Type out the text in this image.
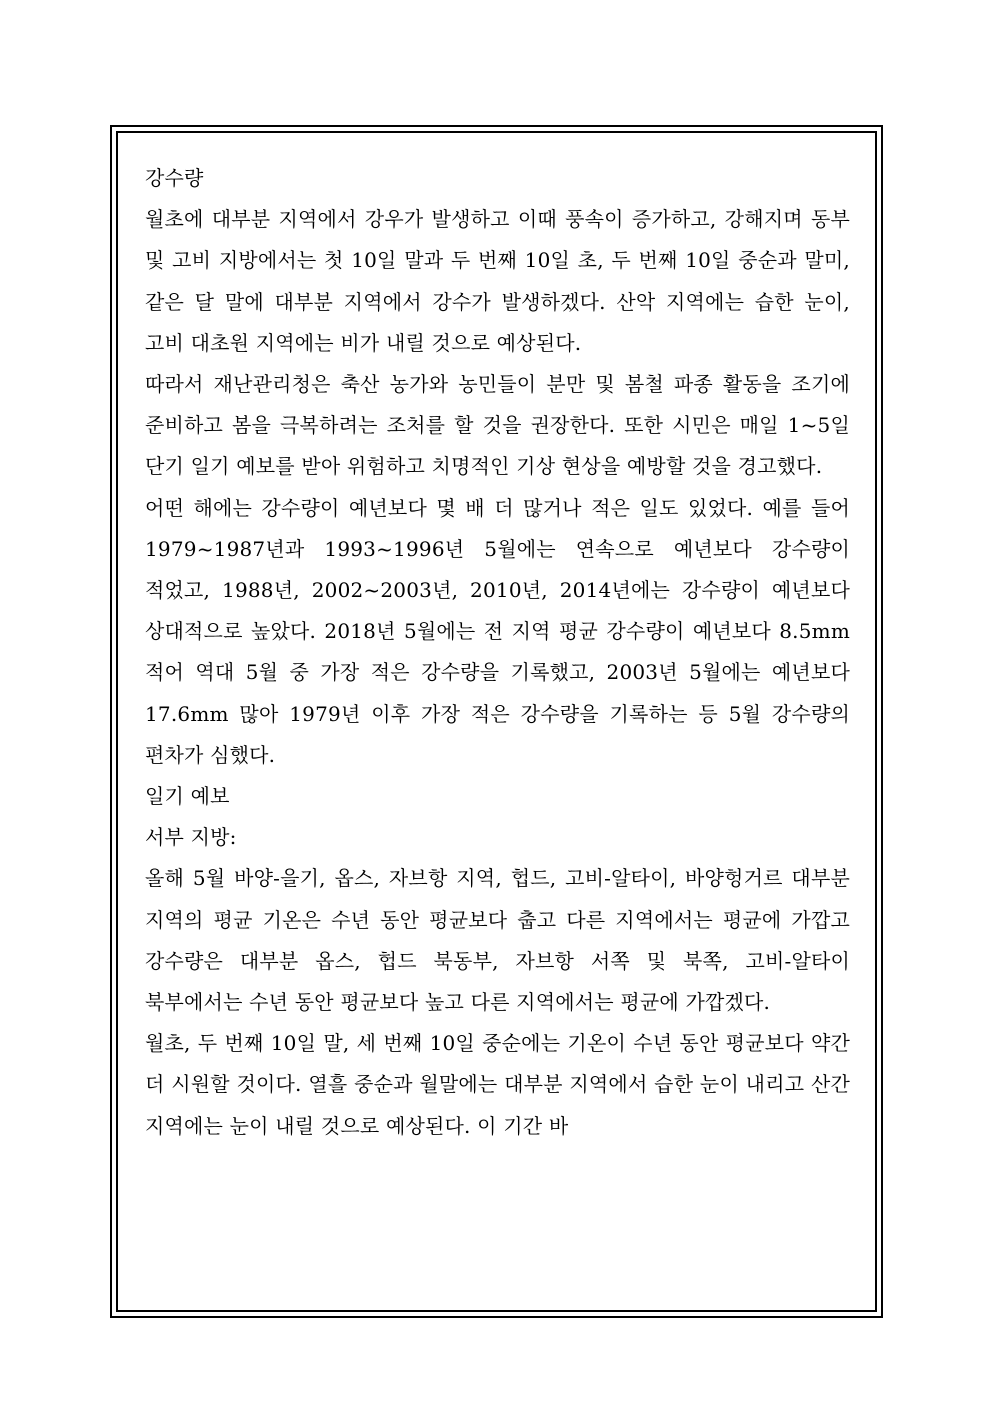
강수량

월초에 대부분 지역에서 강우가 발생하고 이때 풍속이 증가하고, 강해지며 동부 및 고비 지방에서는 첫 10일 말과 두 번째 10일 초, 두 번째 10일 중순과 말미, 같은 달 말에 대부분 지역에서 강수가 발생하겠다. 산악 지역에는 습한 눈이, 고비 대초원 지역에는 비가 내릴 것으로 예상된다.

따라서 재난관리청은 축산 농가와 농민들이 분만 및 봄철 파종 활동을 조기에 준비하고 봄을 극복하려는 조처를 할 것을 권장한다. 또한 시민은 매일 1~5일 단기 일기 예보를 받아 위험하고 치명적인 기상 현상을 예방할 것을 경고했다.

어떤 해에는 강수량이 예년보다 몇 배 더 많거나 적은 일도 있었다. 예를 들어 1979~1987년과 1993~1996년 5월에는 연속으로 예년보다 강수량이 적었고, 1988년, 2002~2003년, 2010년, 2014년에는 강수량이 예년보다 상대적으로 높았다. 2018년 5월에는 전 지역 평균 강수량이 예년보다 8.5mm 적어 역대 5월 중 가장 적은 강수량을 기록했고, 2003년 5월에는 예년보다 17.6mm 많아 1979년 이후 가장 적은 강수량을 기록하는 등 5월 강수량의 편차가 심했다.

일기 예보

서부 지방:

올해 5월 바양-을기, 옵스, 자브항 지역, 헙드, 고비-알타이, 바양헝거르 대부분 지역의 평균 기온은 수년 동안 평균보다 춥고 다른 지역에서는 평균에 가깝고 강수량은 대부분 옵스, 헙드 북동부, 자브항 서쪽 및 북쪽, 고비-알타이 북부에서는 수년 동안 평균보다 높고 다른 지역에서는 평균에 가깝겠다.

월초, 두 번째 10일 말, 세 번째 10일 중순에는 기온이 수년 동안 평균보다 약간 더 시원할 것이다. 열흘 중순과 월말에는 대부분 지역에서 습한 눈이 내리고 산간 지역에는 눈이 내릴 것으로 예상된다. 이 기간 바
